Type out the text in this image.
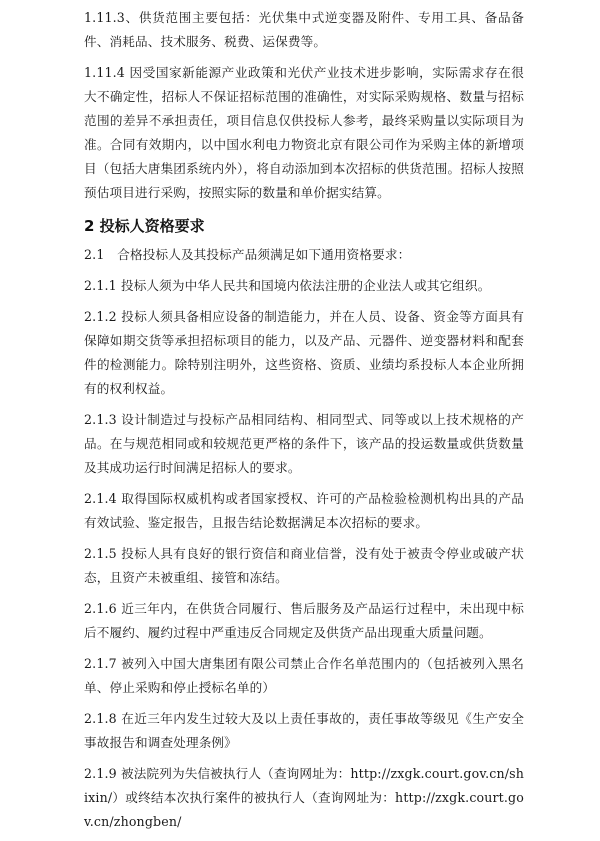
1.11.3、供货范围主要包括：光伏集中式逆变器及附件、专用工具、备品备件、消耗品、技术服务、税费、运保费等。

1.11.4 因受国家新能源产业政策和光伏产业技术进步影响，实际需求存在很大不确定性，招标人不保证招标范围的准确性，对实际采购规格、数量与招标范围的差异不承担责任，项目信息仅供投标人参考，最终采购量以实际项目为准。合同有效期内，以中国水利电力物资北京有限公司作为采购主体的新增项目（包括大唐集团系统内外），将自动添加到本次招标的供货范围。招标人按照预估项目进行采购，按照实际的数量和单价据实结算。

2 投标人资格要求

2.1　合格投标人及其投标产品须满足如下通用资格要求：

2.1.1 投标人须为中华人民共和国境内依法注册的企业法人或其它组织。

2.1.2 投标人须具备相应设备的制造能力，并在人员、设备、资金等方面具有保障如期交货等承担招标项目的能力，以及产品、元器件、逆变器材料和配套件的检测能力。除特别注明外，这些资格、资质、业绩均系投标人本企业所拥有的权利权益。

2.1.3 设计制造过与投标产品相同结构、相同型式、同等或以上技术规格的产品。在与规范相同或和较规范更严格的条件下，该产品的投运数量或供货数量及其成功运行时间满足招标人的要求。

2.1.4 取得国际权威机构或者国家授权、许可的产品检验检测机构出具的产品有效试验、鉴定报告，且报告结论数据满足本次招标的要求。

2.1.5 投标人具有良好的银行资信和商业信誉，没有处于被责令停业或破产状态，且资产未被重组、接管和冻结。

2.1.6 近三年内，在供货合同履行、售后服务及产品运行过程中，未出现中标后不履约、履约过程中严重违反合同规定及供货产品出现重大质量问题。

2.1.7 被列入中国大唐集团有限公司禁止合作名单范围内的（包括被列入黑名单、停止采购和停止授标名单的）

2.1.8 在近三年内发生过较大及以上责任事故的，责任事故等级见《生产安全事故报告和调查处理条例》

2.1.9 被法院列为失信被执行人（查询网址为：http://zxgk.court.gov.cn/shixin/）或终结本次执行案件的被执行人（查询网址为：http://zxgk.court.gov.cn/zhongben/
